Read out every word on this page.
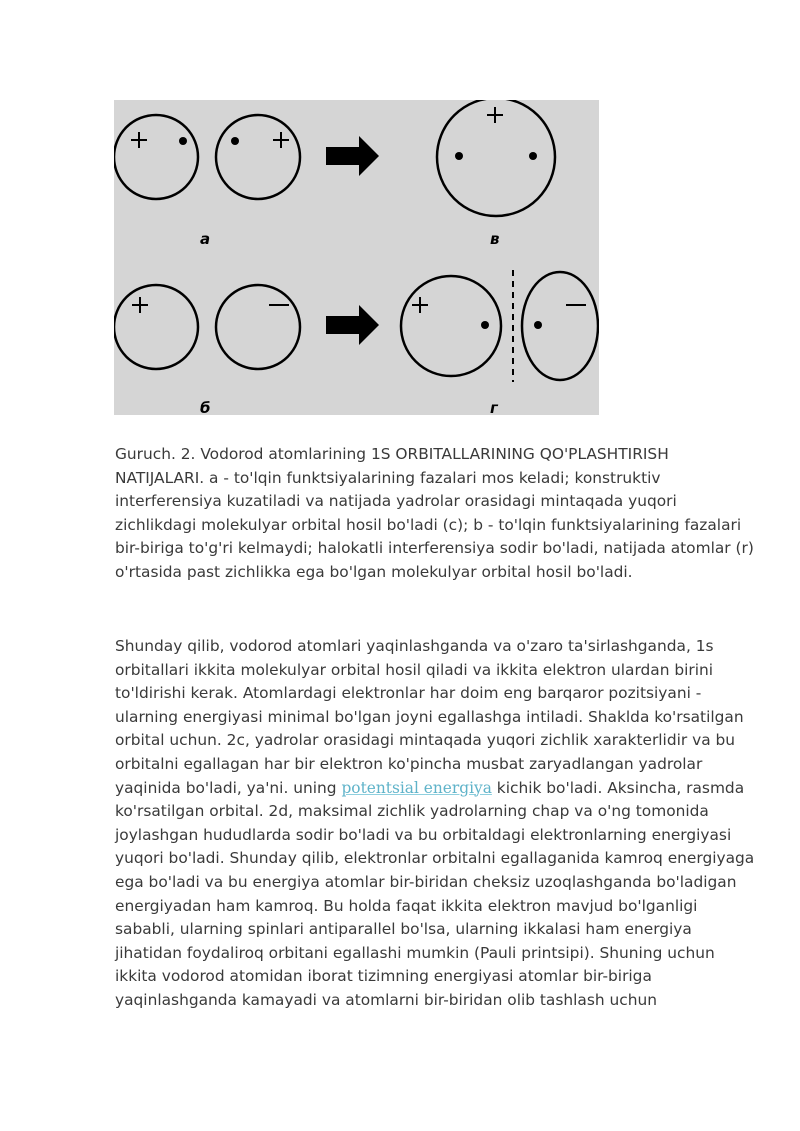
a	в
б	г

Guruch. 2. Vodorod atomlarining 1S ORBITALLARINING QO'PLASHTIRISH NATIJALARI. a - to'lqin funktsiyalarining fazalari mos keladi; konstruktiv interferensiya kuzatiladi va natijada yadrolar orasidagi mintaqada yuqori zichlikdagi molekulyar orbital hosil bo'ladi (c); b - to'lqin funktsiyalarining fazalari bir-biriga to'g'ri kelmaydi; halokatli interferensiya sodir bo'ladi, natijada atomlar (r) o'rtasida past zichlikka ega bo'lgan molekulyar orbital hosil bo'ladi.

Shunday qilib, vodorod atomlari yaqinlashganda va o'zaro ta'sirlashganda, 1s orbitallari ikkita molekulyar orbital hosil qiladi va ikkita elektron ulardan birini to'ldirishi kerak. Atomlardagi elektronlar har doim eng barqaror pozitsiyani - ularning energiyasi minimal bo'lgan joyni egallashga intiladi. Shaklda ko'rsatilgan orbital uchun. 2c, yadrolar orasidagi mintaqada yuqori zichlik xarakterlidir va bu orbitalni egallagan har bir elektron ko'pincha musbat zaryadlangan yadrolar yaqinida bo'ladi, ya'ni. uning potentsial energiya kichik bo'ladi. Aksincha, rasmda ko'rsatilgan orbital. 2d, maksimal zichlik yadrolarning chap va o'ng tomonida joylashgan hududlarda sodir bo'ladi va bu orbitaldagi elektronlarning energiyasi yuqori bo'ladi. Shunday qilib, elektronlar orbitalni egallaganida kamroq energiyaga ega bo'ladi va bu energiya atomlar bir-biridan cheksiz uzoqlashganda bo'ladigan energiyadan ham kamroq. Bu holda faqat ikkita elektron mavjud bo'lganligi sababli, ularning spinlari antiparallel bo'lsa, ularning ikkalasi ham energiya jihatidan foydaliroq orbitani egallashi mumkin (Pauli printsipi). Shuning uchun ikkita vodorod atomidan iborat tizimning energiyasi atomlar bir-biriga yaqinlashganda kamayadi va atomlarni bir-biridan olib tashlash uchun
